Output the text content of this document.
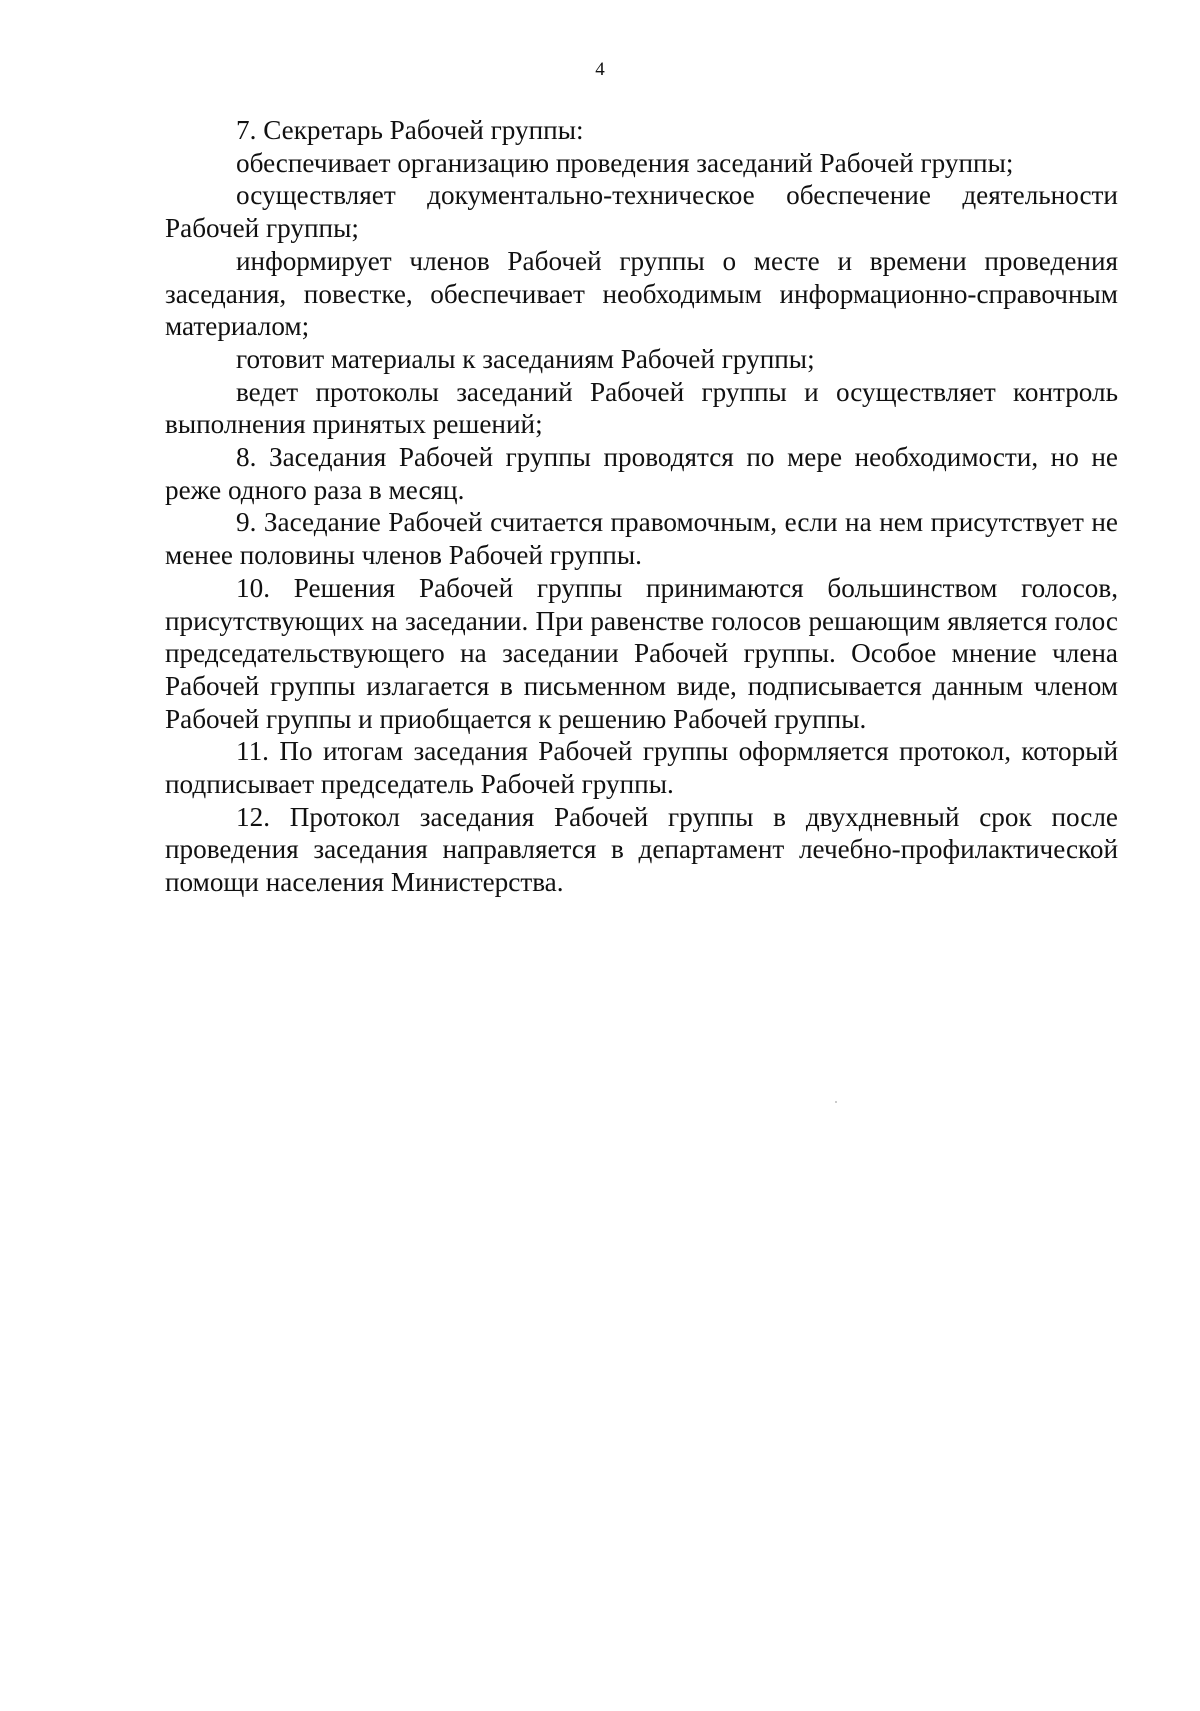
4

7. Секретарь Рабочей группы:

обеспечивает организацию проведения заседаний Рабочей группы;

осуществляет документально-техническое обеспечение деятельности Рабочей группы;

информирует членов Рабочей группы о месте и времени проведения заседания, повестке, обеспечивает необходимым информационно-справочным материалом;

готовит материалы к заседаниям Рабочей группы;

ведет протоколы заседаний Рабочей группы и осуществляет контроль выполнения принятых решений;

8. Заседания Рабочей группы проводятся по мере необходимости, но не реже одного раза в месяц.

9. Заседание Рабочей считается правомочным, если на нем присутствует не менее половины членов Рабочей группы.

10. Решения Рабочей группы принимаются большинством голосов, присутствующих на заседании. При равенстве голосов решающим является голос председательствующего на заседании Рабочей группы. Особое мнение члена Рабочей группы излагается в письменном виде, подписывается данным членом Рабочей группы и приобщается к решению Рабочей группы.

11. По итогам заседания Рабочей группы оформляется протокол, который подписывает председатель Рабочей группы.

12. Протокол заседания Рабочей группы в двухдневный срок после проведения заседания направляется в департамент лечебно-профилактической помощи населения Министерства.
